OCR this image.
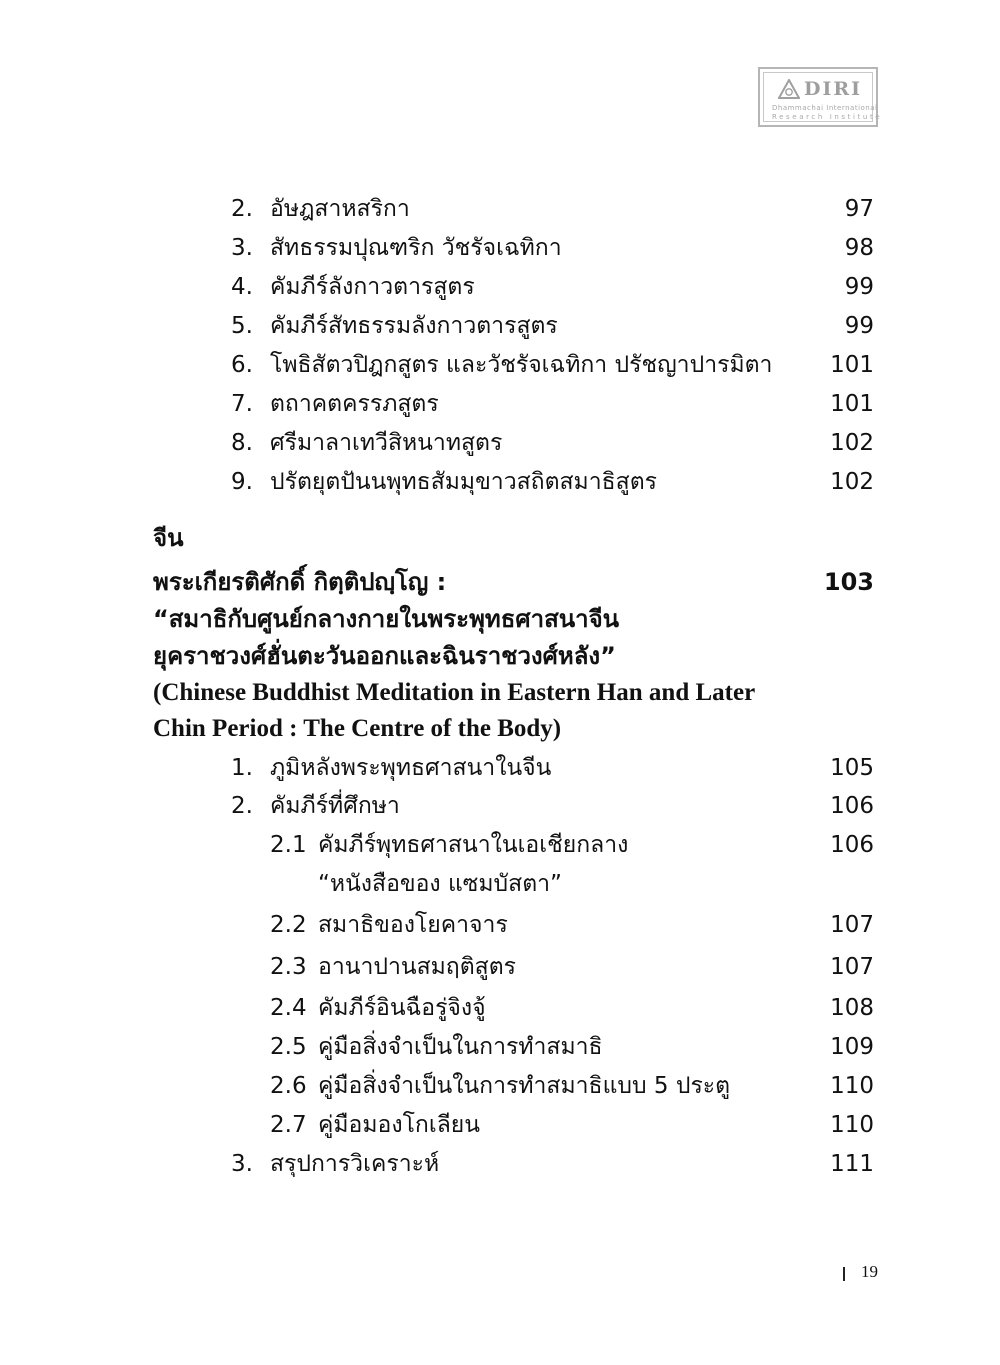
DIRI
Dhammachai International
Research Institute
2. อัษฎสาหสริกา	97
3. สัทธรรมปุณฑริก วัชรัจเฉทิกา	98
4. คัมภีร์ลังกาวตารสูตร	99
5. คัมภีร์สัทธรรมลังกาวตารสูตร	99
6. โพธิสัตวปิฎกสูตร และวัชรัจเฉทิกา ปรัชญาปารมิตา	101
7. ตถาคตครรภสูตร	101
8. ศรีมาลาเทวีสิหนาทสูตร	102
9. ปรัตยุตปันนพุทธสัมมุขาวสถิตสมาธิสูตร	102
จีน
พระเกียรติศักดิ์ กิตฺติปญฺโญ :	103
“สมาธิกับศูนย์กลางกายในพระพุทธศาสนาจีน
ยุคราชวงศ์ฮั่นตะวันออกและฉินราชวงศ์หลัง”
(Chinese Buddhist Meditation in Eastern Han and Later
Chin Period : The Centre of the Body)
1. ภูมิหลังพระพุทธศาสนาในจีน	105
2. คัมภีร์ที่ศึกษา	106
2.1 คัมภีร์พุทธศาสนาในเอเชียกลาง	106
“หนังสือของ แซมบัสตา”
2.2 สมาธิของโยคาจาร	107
2.3 อานาปานสมฤติสูตร	107
2.4 คัมภีร์อินฉือรู่จิงจู้	108
2.5 คู่มือสิ่งจำเป็นในการทำสมาธิ	109
2.6 คู่มือสิ่งจำเป็นในการทำสมาธิแบบ 5 ประตู	110
2.7 คู่มือมองโกเลียน	110
3. สรุปการวิเคราะห์	111
19
